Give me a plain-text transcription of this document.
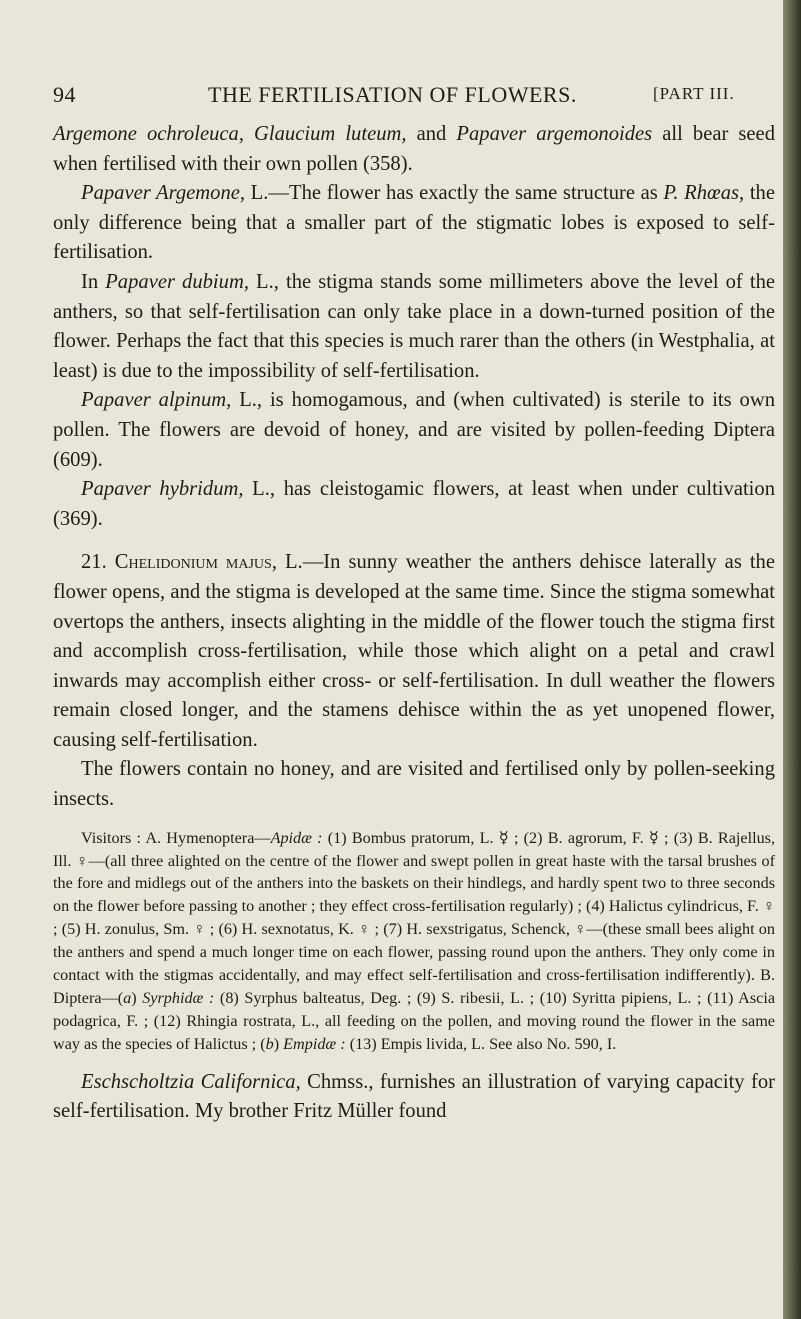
94	THE FERTILISATION OF FLOWERS.	[PART III.

Argemone ochroleuca, Glaucium luteum, and Papaver argemonoides all bear seed when fertilised with their own pollen (358).

Papaver Argemone, L.—The flower has exactly the same structure as P. Rhœas, the only difference being that a smaller part of the stigmatic lobes is exposed to self-fertilisation.

In Papaver dubium, L., the stigma stands some millimeters above the level of the anthers, so that self-fertilisation can only take place in a down-turned position of the flower. Perhaps the fact that this species is much rarer than the others (in Westphalia, at least) is due to the impossibility of self-fertilisation.

Papaver alpinum, L., is homogamous, and (when cultivated) is sterile to its own pollen. The flowers are devoid of honey, and are visited by pollen-feeding Diptera (609).

Papaver hybridum, L., has cleistogamic flowers, at least when under cultivation (369).

21. Chelidonium majus, L.—In sunny weather the anthers dehisce laterally as the flower opens, and the stigma is developed at the same time. Since the stigma somewhat overtops the anthers, insects alighting in the middle of the flower touch the stigma first and accomplish cross-fertilisation, while those which alight on a petal and crawl inwards may accomplish either cross- or self-fertilisation. In dull weather the flowers remain closed longer, and the stamens dehisce within the as yet unopened flower, causing self-fertilisation.

The flowers contain no honey, and are visited and fertilised only by pollen-seeking insects.

Visitors : A. Hymenoptera—Apidæ : (1) Bombus pratorum, L. ☿ ; (2) B. agrorum, F. ☿ ; (3) B. Rajellus, Ill. ♀—(all three alighted on the centre of the flower and swept pollen in great haste with the tarsal brushes of the fore and midlegs out of the anthers into the baskets on their hindlegs, and hardly spent two to three seconds on the flower before passing to another ; they effect cross-fertilisation regularly) ; (4) Halictus cylindricus, F. ♀ ; (5) H. zonulus, Sm. ♀ ; (6) H. sexnotatus, K. ♀ ; (7) H. sexstrigatus, Schenck, ♀—(these small bees alight on the anthers and spend a much longer time on each flower, passing round upon the anthers. They only come in contact with the stigmas accidentally, and may effect self-fertilisation and cross-fertilisation indifferently). B. Diptera—(a) Syrphidæ : (8) Syrphus balteatus, Deg. ; (9) S. ribesii, L. ; (10) Syritta pipiens, L. ; (11) Ascia podagrica, F. ; (12) Rhingia rostrata, L., all feeding on the pollen, and moving round the flower in the same way as the species of Halictus ; (b) Empidæ : (13) Empis livida, L. See also No. 590, I.

Eschscholtzia Californica, Chmss., furnishes an illustration of varying capacity for self-fertilisation. My brother Fritz Müller found
